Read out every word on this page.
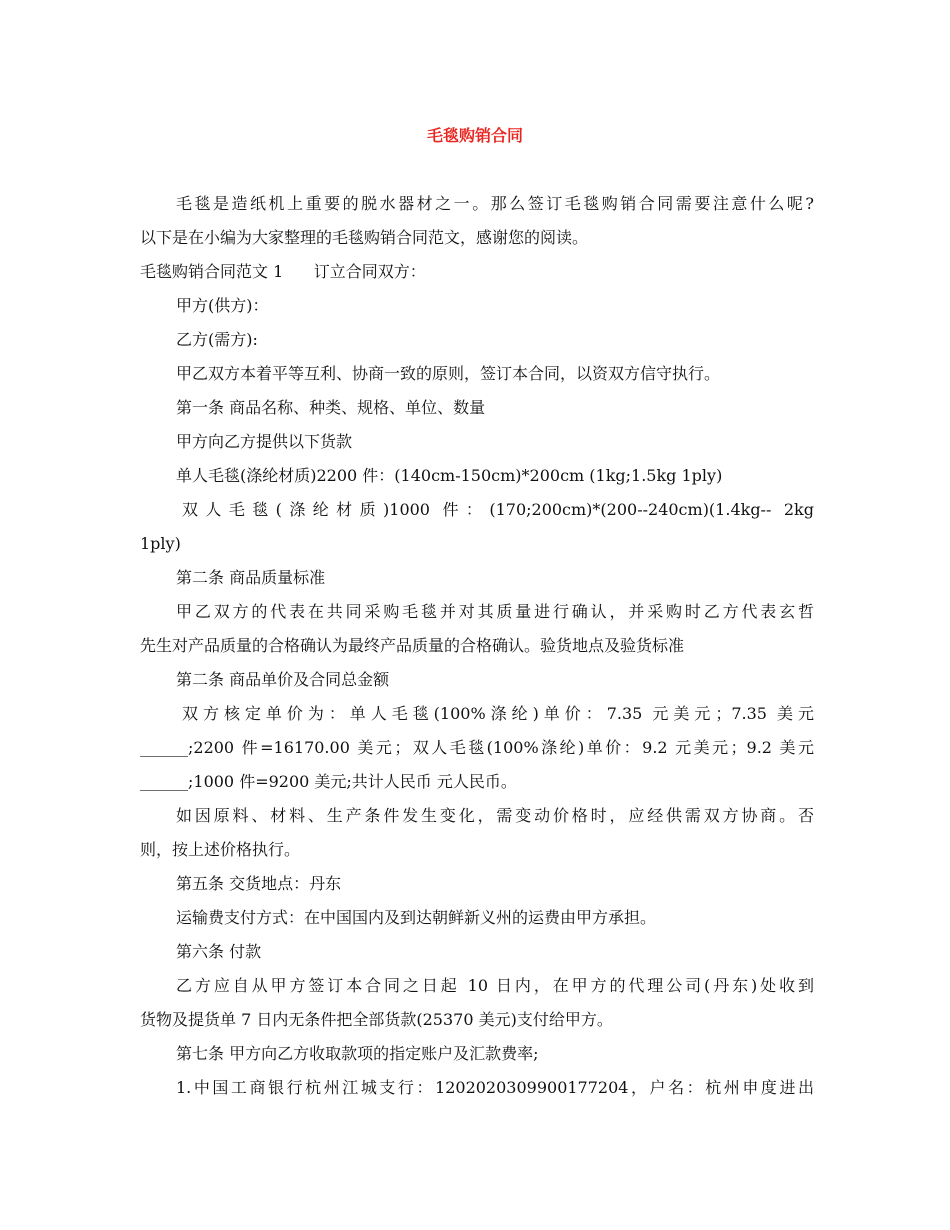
毛毯购销合同
毛毯是造纸机上重要的脱水器材之一。那么签订毛毯购销合同需要注意什么呢?
以下是在小编为大家整理的毛毯购销合同范文，感谢您的阅读。
毛毯购销合同范文 1      订立合同双方：
甲方(供方)：
乙方(需方):
甲乙双方本着平等互利、协商一致的原则，签订本合同，以资双方信守执行。
第一条 商品名称、种类、规格、单位、数量
甲方向乙方提供以下货款
单人毛毯(涤纶材质)2200 件：(140cm-150cm)*200cm (1kg;1.5kg 1ply)
双人毛毯(涤纶材质)1000 件：(170;200cm)*(200--240cm)(1.4kg-- 2kg
1ply)
第二条 商品质量标准
甲乙双方的代表在共同采购毛毯并对其质量进行确认，并采购时乙方代表玄哲
先生对产品质量的合格确认为最终产品质量的合格确认。验货地点及验货标准
第二条 商品单价及合同总金额
双方核定单价为：单人毛毯(100%涤纶)单价：7.35 元美元；7.35 美元
______;2200 件=16170.00 美元；双人毛毯(100%涤纶)单价：9.2 元美元；9.2 美元
______;1000 件=9200 美元;共计人民币 元人民币。
如因原料、材料、生产条件发生变化，需变动价格时，应经供需双方协商。否
则，按上述价格执行。
第五条 交货地点：丹东
运输费支付方式：在中国国内及到达朝鲜新义州的运费由甲方承担。
第六条 付款
乙方应自从甲方签订本合同之日起 10 日内，在甲方的代理公司(丹东)处收到
货物及提货单 7 日内无条件把全部货款(25370 美元)支付给甲方。
第七条 甲方向乙方收取款项的指定账户及汇款费率;
1.中国工商银行杭州江城支行：1202020309900177204，户名：杭州申度进出
